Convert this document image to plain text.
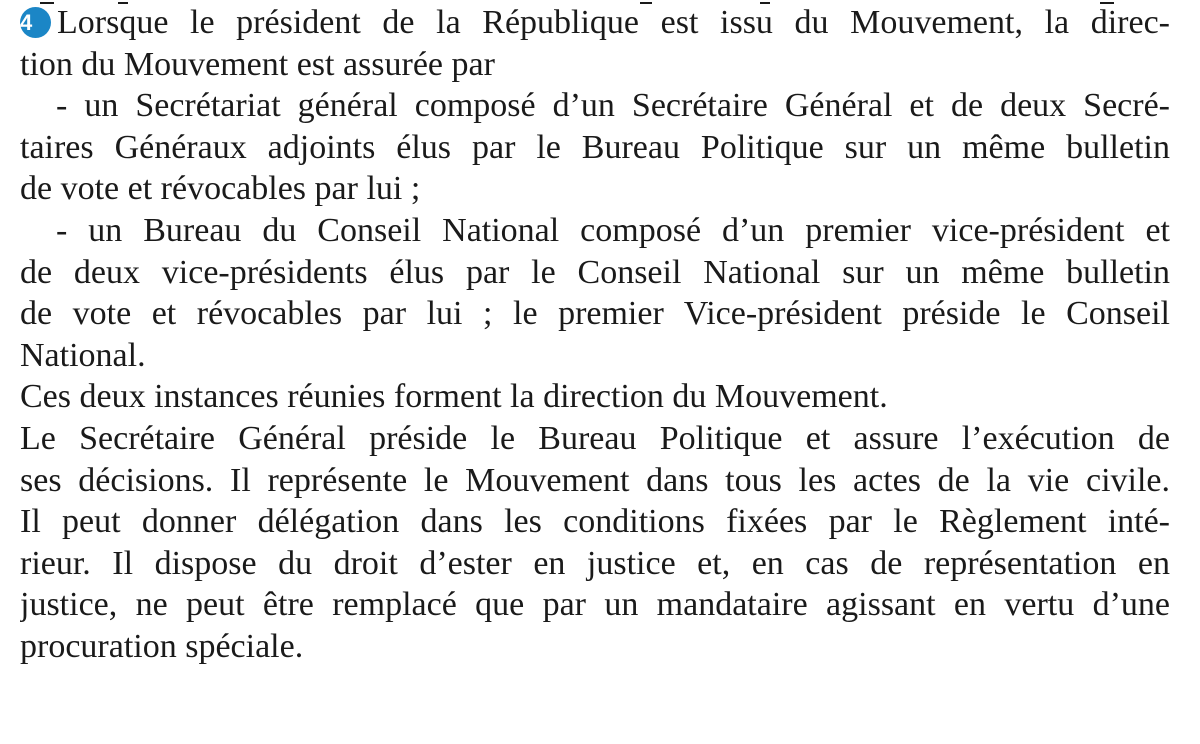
4 Lorsque le président de la République est issu du Mouvement, la direc-
tion du Mouvement est assurée par
- un Secrétariat général composé d’un Secrétaire Général et de deux Secré-
taires Généraux adjoints élus par le Bureau Politique sur un même bulletin
de vote et révocables par lui ;
- un Bureau du Conseil National composé d’un premier vice-président et
de deux vice-présidents élus par le Conseil National sur un même bulletin
de vote et révocables par lui ; le premier Vice-président préside le Conseil
National.
Ces deux instances réunies forment la direction du Mouvement.
Le Secrétaire Général préside le Bureau Politique et assure l’exécution de
ses décisions. Il représente le Mouvement dans tous les actes de la vie civile.
Il peut donner délégation dans les conditions fixées par le Règlement inté-
rieur. Il dispose du droit d’ester en justice et, en cas de représentation en
justice, ne peut être remplacé que par un mandataire agissant en vertu d’une
procuration spéciale.
